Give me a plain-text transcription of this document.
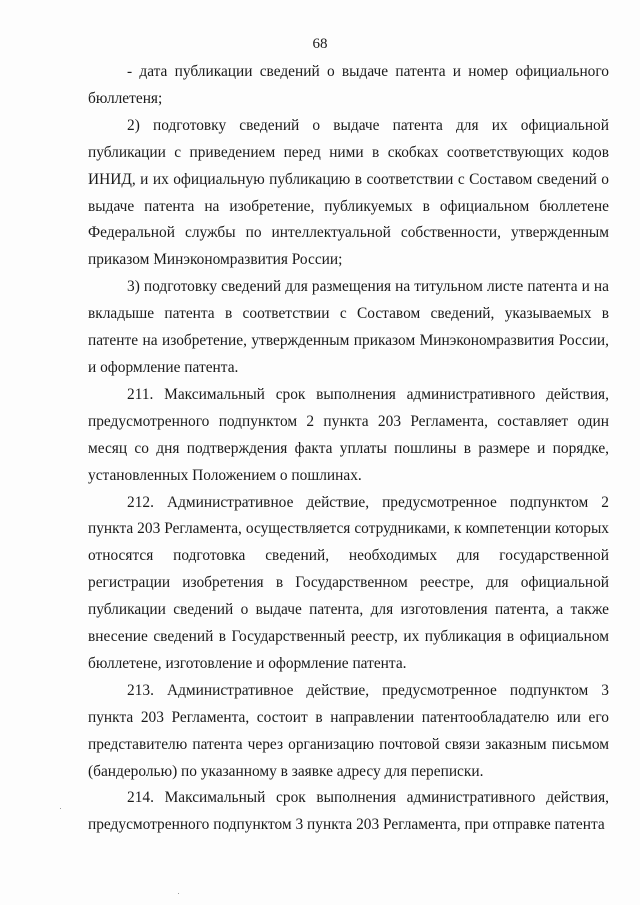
68

- дата публикации сведений о выдаче патента и номер официального бюллетеня;

2) подготовку сведений о выдаче патента для их официальной публикации с приведением перед ними в скобках соответствующих кодов ИНИД, и их официальную публикацию в соответствии с Составом сведений о выдаче патента на изобретение, публикуемых в официальном бюллетене Федеральной службы по интеллектуальной собственности, утвержденным приказом Минэкономразвития России;

3) подготовку сведений для размещения на титульном листе патента и на вкладыше патента в соответствии с Составом сведений, указываемых в патенте на изобретение, утвержденным приказом Минэкономразвития России, и оформление патента.

211. Максимальный срок выполнения административного действия, предусмотренного подпунктом 2 пункта 203 Регламента, составляет один месяц со дня подтверждения факта уплаты пошлины в размере и порядке, установленных Положением о пошлинах.

212. Административное действие, предусмотренное подпунктом 2 пункта 203 Регламента, осуществляется сотрудниками, к компетенции которых относятся подготовка сведений, необходимых для государственной регистрации изобретения в Государственном реестре, для официальной публикации сведений о выдаче патента, для изготовления патента, а также внесение сведений в Государственный реестр, их публикация в официальном бюллетене, изготовление и оформление патента.

213. Административное действие, предусмотренное подпунктом 3 пункта 203 Регламента, состоит в направлении патентообладателю или его представителю патента через организацию почтовой связи заказным письмом (бандеролью) по указанному в заявке адресу для переписки.

214. Максимальный срок выполнения административного действия, предусмотренного подпунктом 3 пункта 203 Регламента, при отправке патента
